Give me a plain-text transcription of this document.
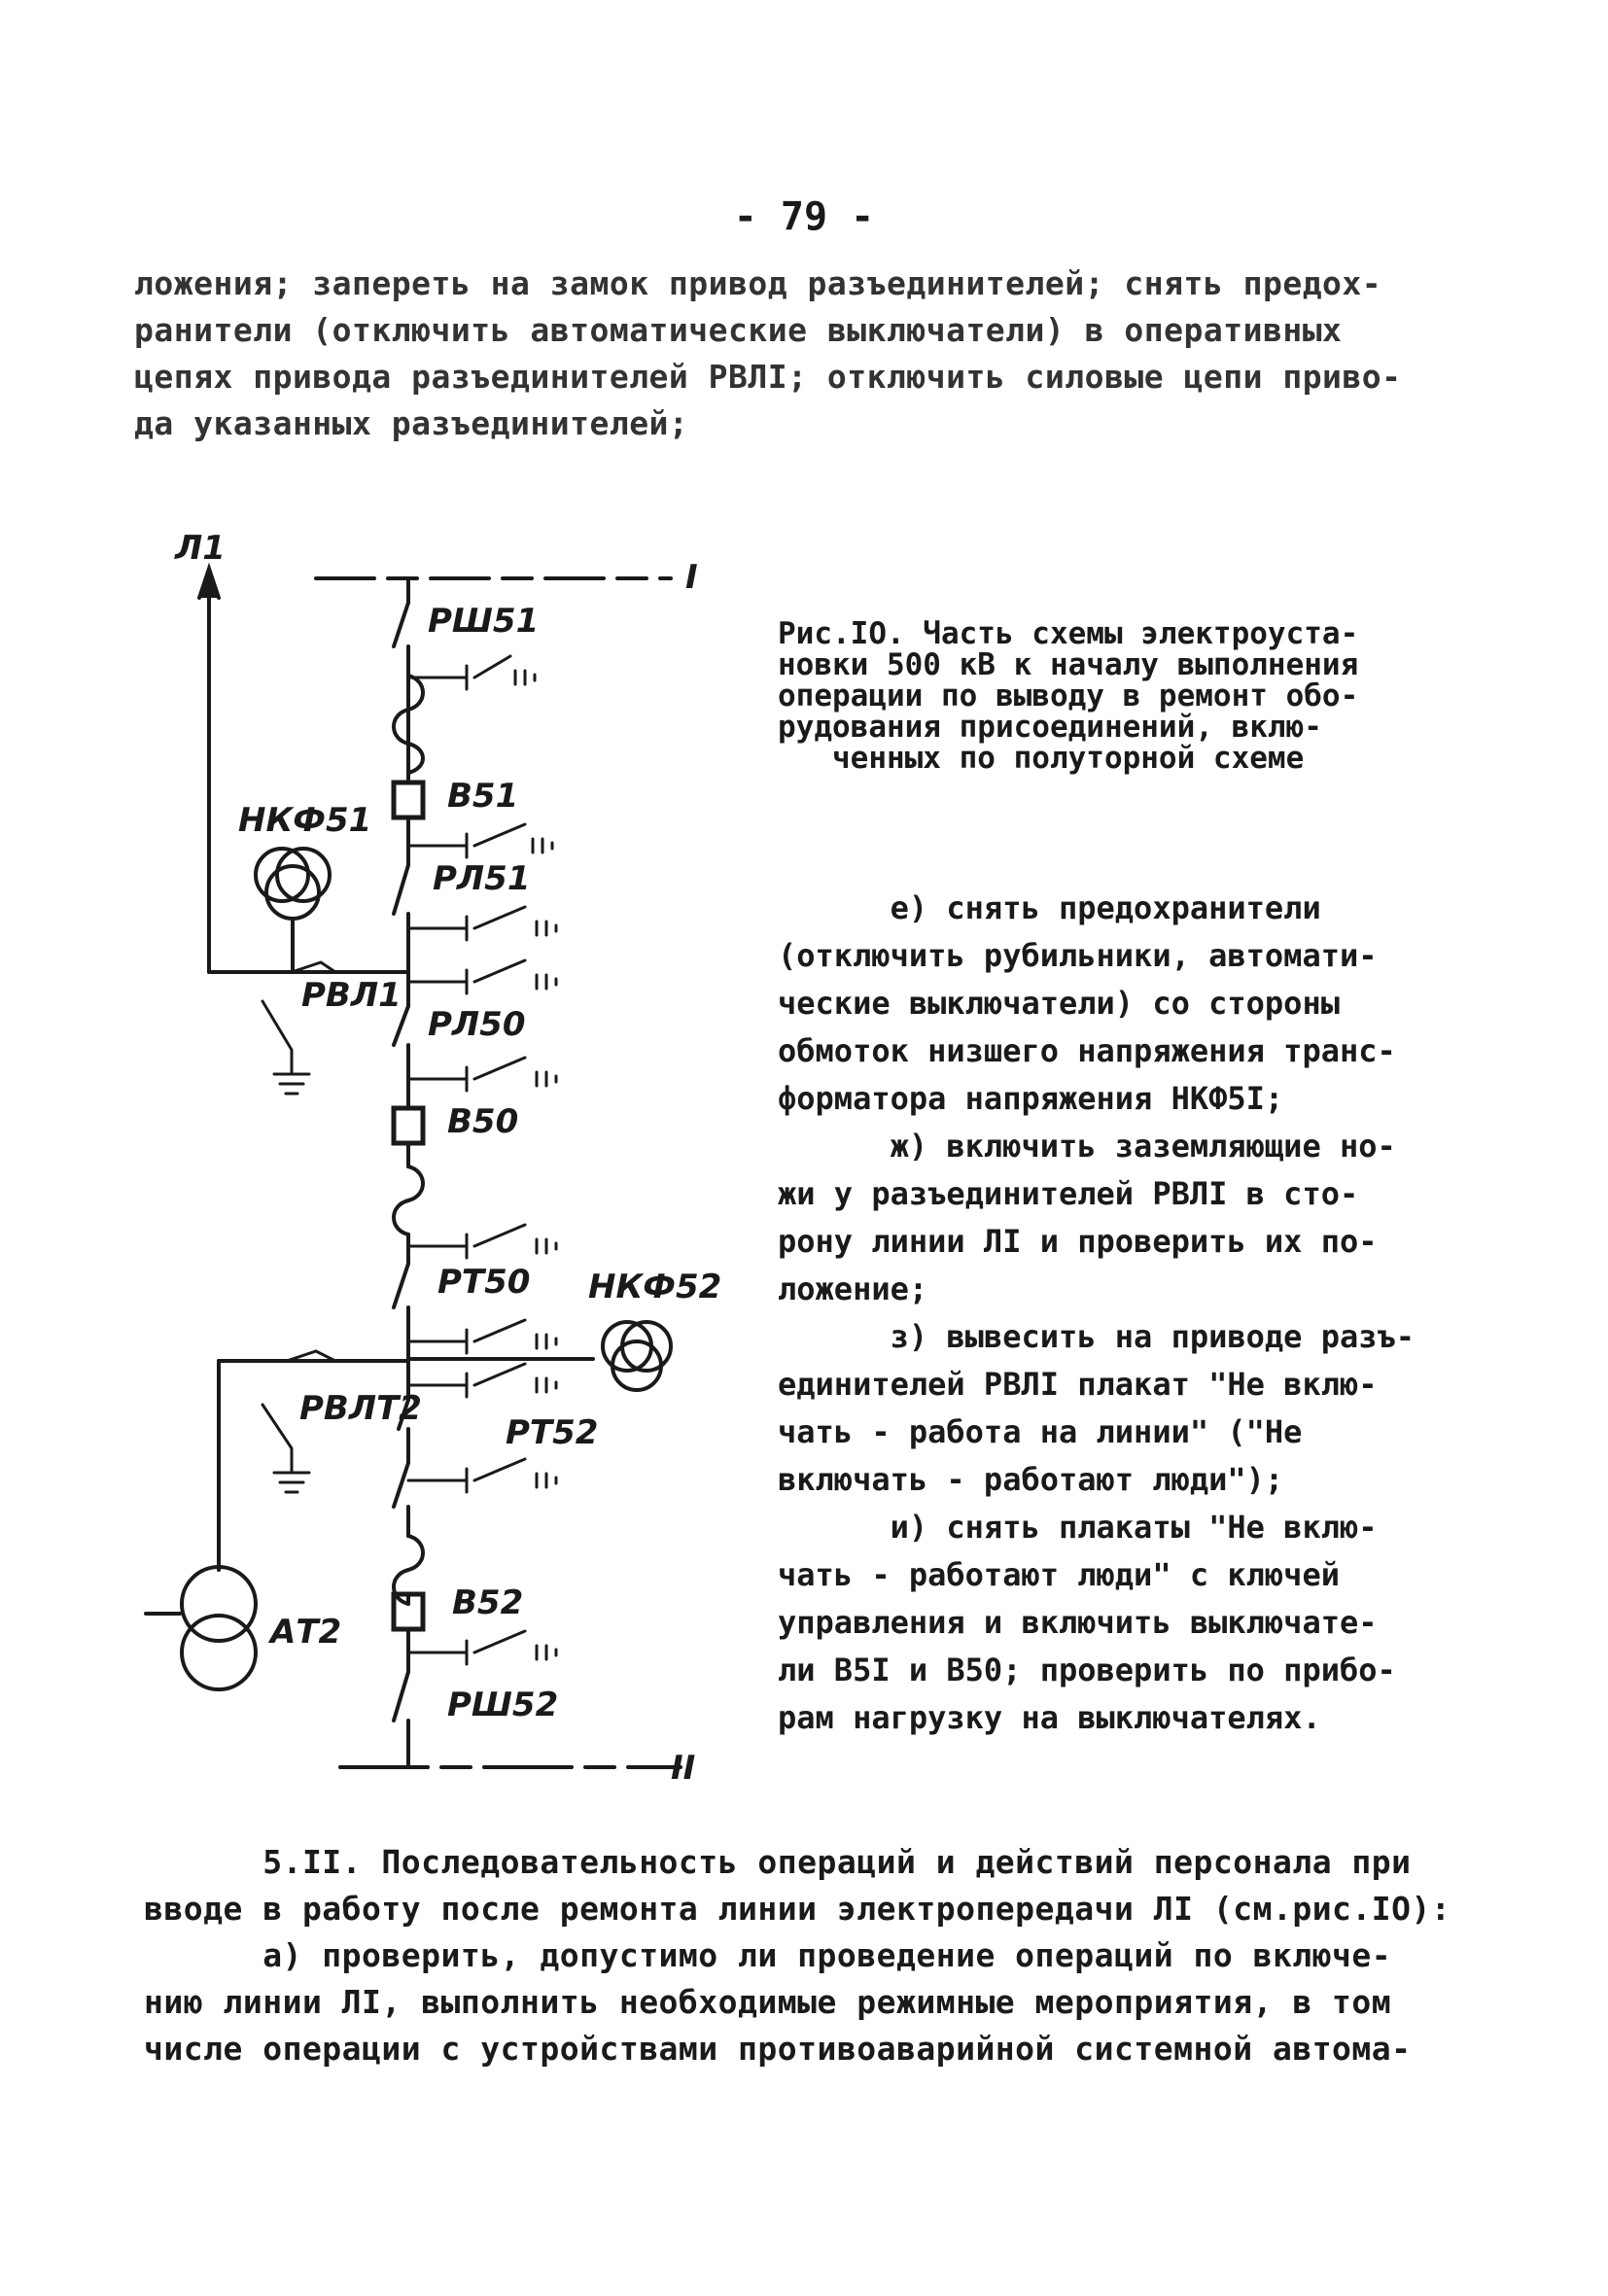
- 79 -

ложения; запереть на замок привод разъединителей; снять предох-
ранители (отключить автоматические выключатели) в оперативных
цепях привода разъединителей РВЛI; отключить силовые цепи приво-
да указанных разъединителей;

Л1
I
II
РШ51
В51
НКФ51
РЛ51
РВЛ1
РЛ50
В50
РТ50 НКФ52
РВЛТ2
РТ52
АТ2
В52
РШ52

Рис.IO. Часть схемы электроуста-
новки 500 кВ к началу выполнения
операции по выводу в ремонт обо-
рудования присоединений, вклю-
ченных по полуторной схеме

е) снять предохранители
(отключить рубильники, автомати-
ческие выключатели) со стороны
обмоток низшего напряжения транс-
форматора напряжения НКФ5I;
ж) включить заземляющие но-
жи у разъединителей РВЛI в сто-
рону линии ЛI и проверить их по-
ложение;
з) вывесить на приводе разъ-
единителей РВЛI плакат "Не вклю-
чать - работа на линии" ("Не
включать - работают люди");
и) снять плакаты "Не вклю-
чать - работают люди" с ключей
управления и включить выключате-
ли B5I и B50; проверить по прибо-
рам нагрузку на выключателях.

5.II. Последовательность операций и действий персонала при
вводе в работу после ремонта линии электропередачи ЛI (см.рис.IO):
а) проверить, допустимо ли проведение операций по включе-
нию линии ЛI, выполнить необходимые режимные мероприятия, в том
числе операции с устройствами противоаварийной системной автома-
